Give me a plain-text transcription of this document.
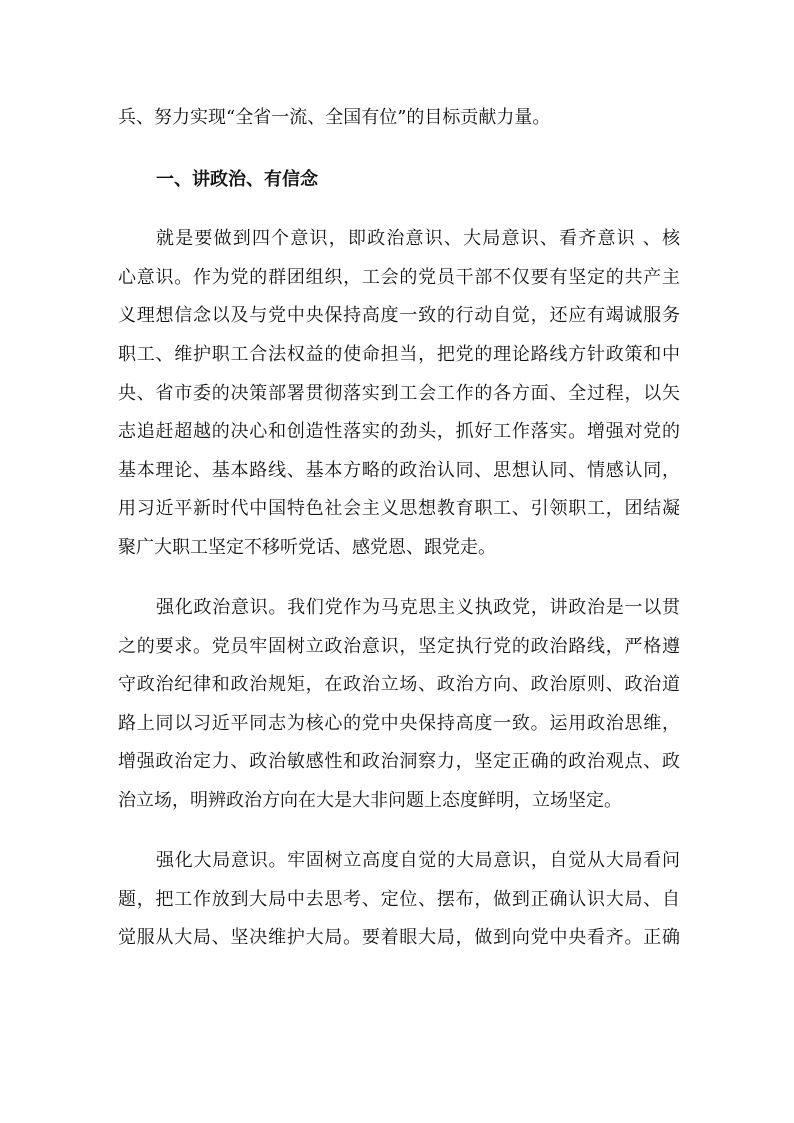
兵、努力实现“全省一流、全国有位”的目标贡献力量。
一、讲政治、有信念
就是要做到四个意识，即政治意识、大局意识、看齐意识 、核
心意识。作为党的群团组织，工会的党员干部不仅要有坚定的共产主
义理想信念以及与党中央保持高度一致的行动自觉，还应有竭诚服务
职工、维护职工合法权益的使命担当，把党的理论路线方针政策和中
央、省市委的决策部署贯彻落实到工会工作的各方面、全过程，以矢
志追赶超越的决心和创造性落实的劲头，抓好工作落实。增强对党的
基本理论、基本路线、基本方略的政治认同、思想认同、情感认同，
用习近平新时代中国特色社会主义思想教育职工、引领职工，团结凝
聚广大职工坚定不移听党话、感党恩、跟党走。
强化政治意识。我们党作为马克思主义执政党，讲政治是一以贯
之的要求。党员牢固树立政治意识，坚定执行党的政治路线，严格遵
守政治纪律和政治规矩，在政治立场、政治方向、政治原则、政治道
路上同以习近平同志为核心的党中央保持高度一致。运用政治思维，
增强政治定力、政治敏感性和政治洞察力，坚定正确的政治观点、政
治立场，明辨政治方向在大是大非问题上态度鲜明，立场坚定。
强化大局意识。牢固树立高度自觉的大局意识，自觉从大局看问
题，把工作放到大局中去思考、定位、摆布，做到正确认识大局、自
觉服从大局、坚决维护大局。要着眼大局，做到向党中央看齐。正确
